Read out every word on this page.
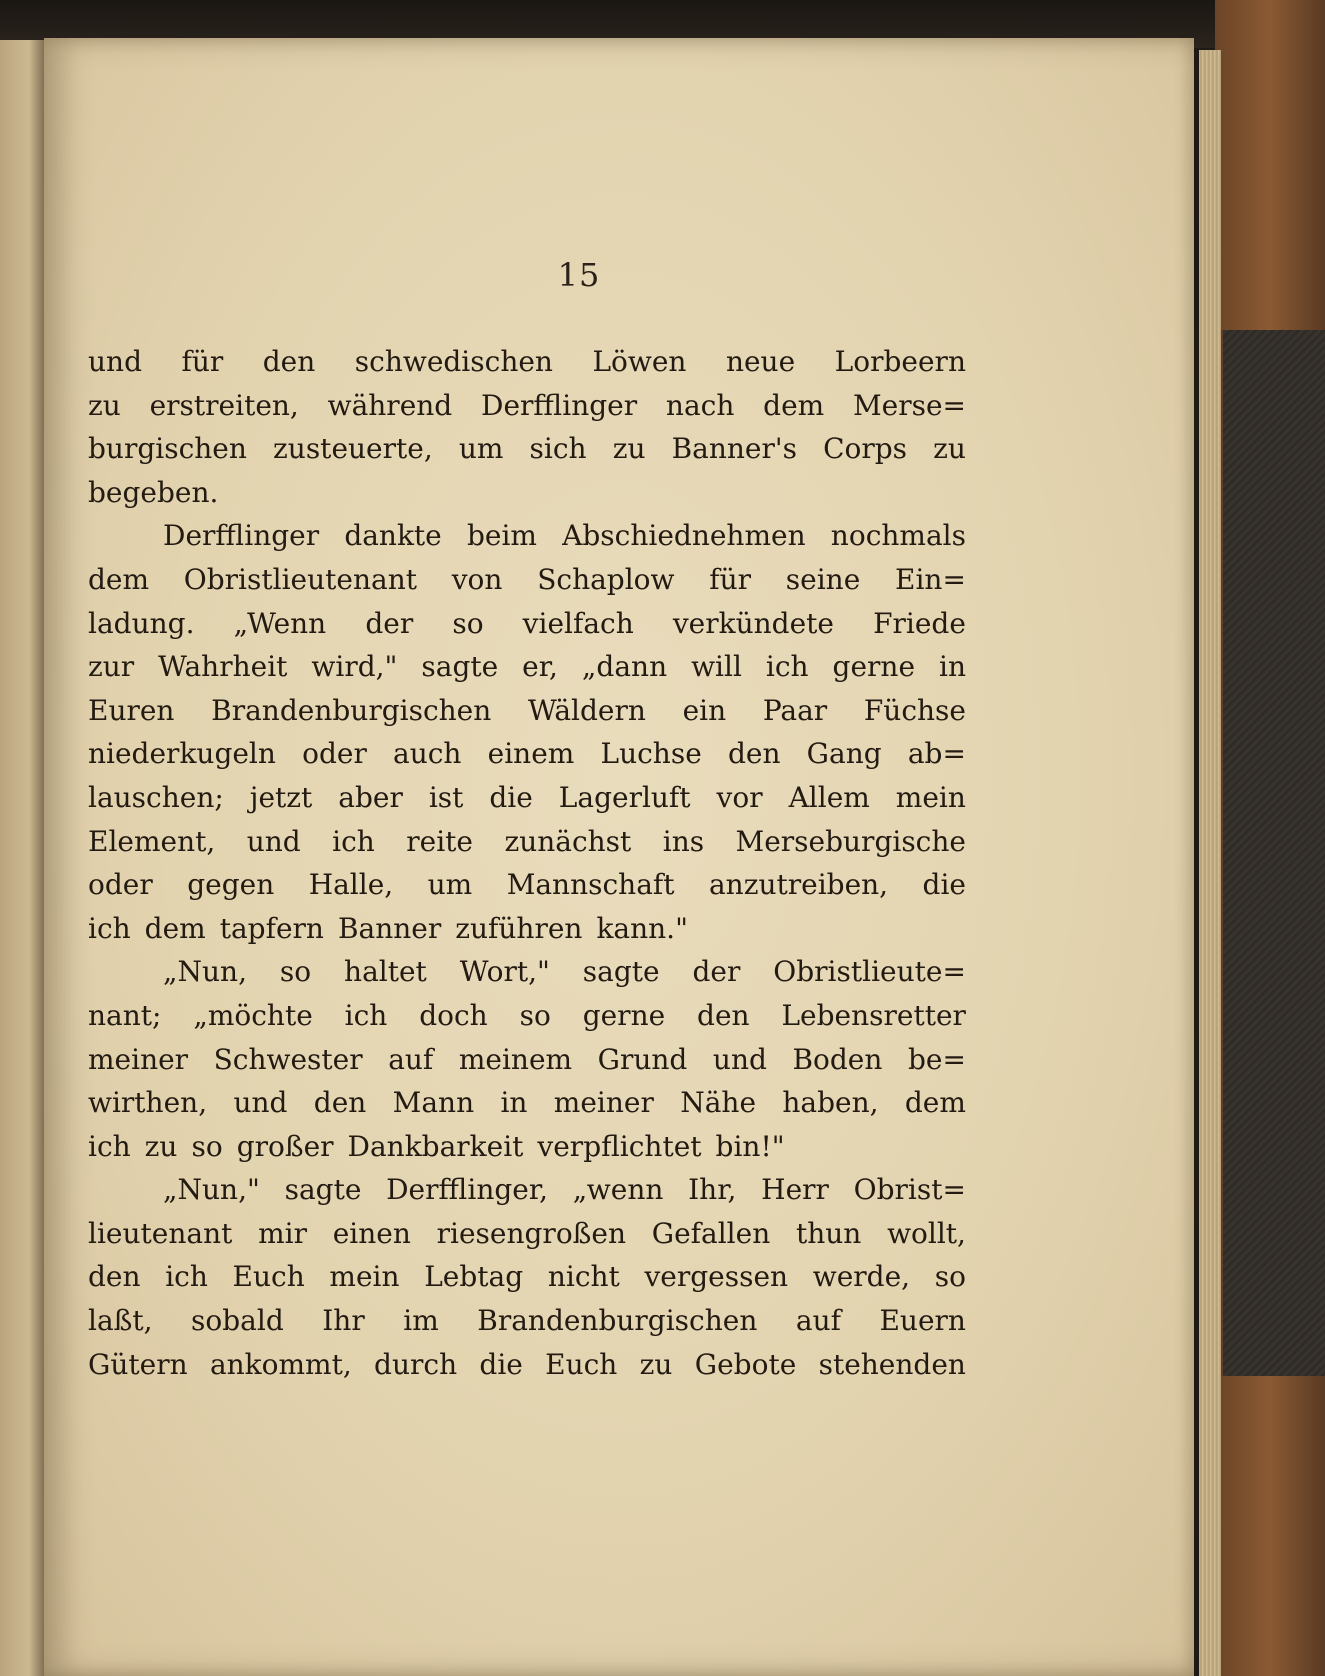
15
und für den schwedischen Löwen neue Lorbeern
zu erstreiten, während Derfflinger nach dem Merse=
burgischen zusteuerte, um sich zu Banner's Corps zu
begeben.
Derfflinger dankte beim Abschiednehmen nochmals
dem Obristlieutenant von Schaplow für seine Ein=
ladung. „Wenn der so vielfach verkündete Friede
zur Wahrheit wird," sagte er, „dann will ich gerne in
Euren Brandenburgischen Wäldern ein Paar Füchse
niederkugeln oder auch einem Luchse den Gang ab=
lauschen; jetzt aber ist die Lagerluft vor Allem mein
Element, und ich reite zunächst ins Merseburgische
oder gegen Halle, um Mannschaft anzutreiben, die
ich dem tapfern Banner zuführen kann."
„Nun, so haltet Wort," sagte der Obristlieute=
nant; „möchte ich doch so gerne den Lebensretter
meiner Schwester auf meinem Grund und Boden be=
wirthen, und den Mann in meiner Nähe haben, dem
ich zu so großer Dankbarkeit verpflichtet bin!"
„Nun," sagte Derfflinger, „wenn Ihr, Herr Obrist=
lieutenant mir einen riesengroßen Gefallen thun wollt,
den ich Euch mein Lebtag nicht vergessen werde, so
laßt, sobald Ihr im Brandenburgischen auf Euern
Gütern ankommt, durch die Euch zu Gebote stehenden
